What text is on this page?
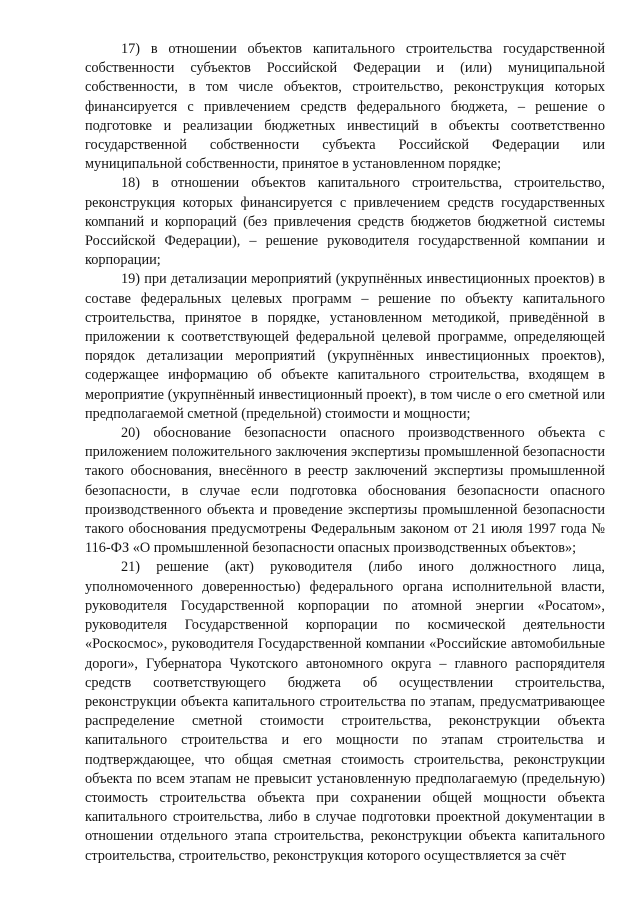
17) в отношении объектов капитального строительства государственной собственности субъектов Российской Федерации и (или) муниципальной собственности, в том числе объектов, строительство, реконструкция которых финансируется с привлечением средств федерального бюджета, – решение о подготовке и реализации бюджетных инвестиций в объекты соответственно государственной собственности субъекта Российской Федерации или муниципальной собственности, принятое в установленном порядке;

18) в отношении объектов капитального строительства, строительство, реконструкция которых финансируется с привлечением средств государственных компаний и корпораций (без привлечения средств бюджетов бюджетной системы Российской Федерации), – решение руководителя государственной компании и корпорации;

19) при детализации мероприятий (укрупнённых инвестиционных проектов) в составе федеральных целевых программ – решение по объекту капитального строительства, принятое в порядке, установленном методикой, приведённой в приложении к соответствующей федеральной целевой программе, определяющей порядок детализации мероприятий (укрупнённых инвестиционных проектов), содержащее информацию об объекте капитального строительства, входящем в мероприятие (укрупнённый инвестиционный проект), в том числе о его сметной или предполагаемой сметной (предельной) стоимости и мощности;

20) обоснование безопасности опасного производственного объекта с приложением положительного заключения экспертизы промышленной безопасности такого обоснования, внесённого в реестр заключений экспертизы промышленной безопасности, в случае если подготовка обоснования безопасности опасного производственного объекта и проведение экспертизы промышленной безопасности такого обоснования предусмотрены Федеральным законом от 21 июля 1997 года № 116-ФЗ «О промышленной безопасности опасных производственных объектов»;

21) решение (акт) руководителя (либо иного должностного лица, уполномоченного доверенностью) федерального органа исполнительной власти, руководителя Государственной корпорации по атомной энергии «Росатом», руководителя Государственной корпорации по космической деятельности «Роскосмос», руководителя Государственной компании «Российские автомобильные дороги», Губернатора Чукотского автономного округа – главного распорядителя средств соответствующего бюджета об осуществлении строительства, реконструкции объекта капитального строительства по этапам, предусматривающее распределение сметной стоимости строительства, реконструкции объекта капитального строительства и его мощности по этапам строительства и подтверждающее, что общая сметная стоимость строительства, реконструкции объекта по всем этапам не превысит установленную предполагаемую (предельную) стоимость строительства объекта при сохранении общей мощности объекта капитального строительства, либо в случае подготовки проектной документации в отношении отдельного этапа строительства, реконструкции объекта капитального строительства, строительство, реконструкция которого осуществляется за счёт
